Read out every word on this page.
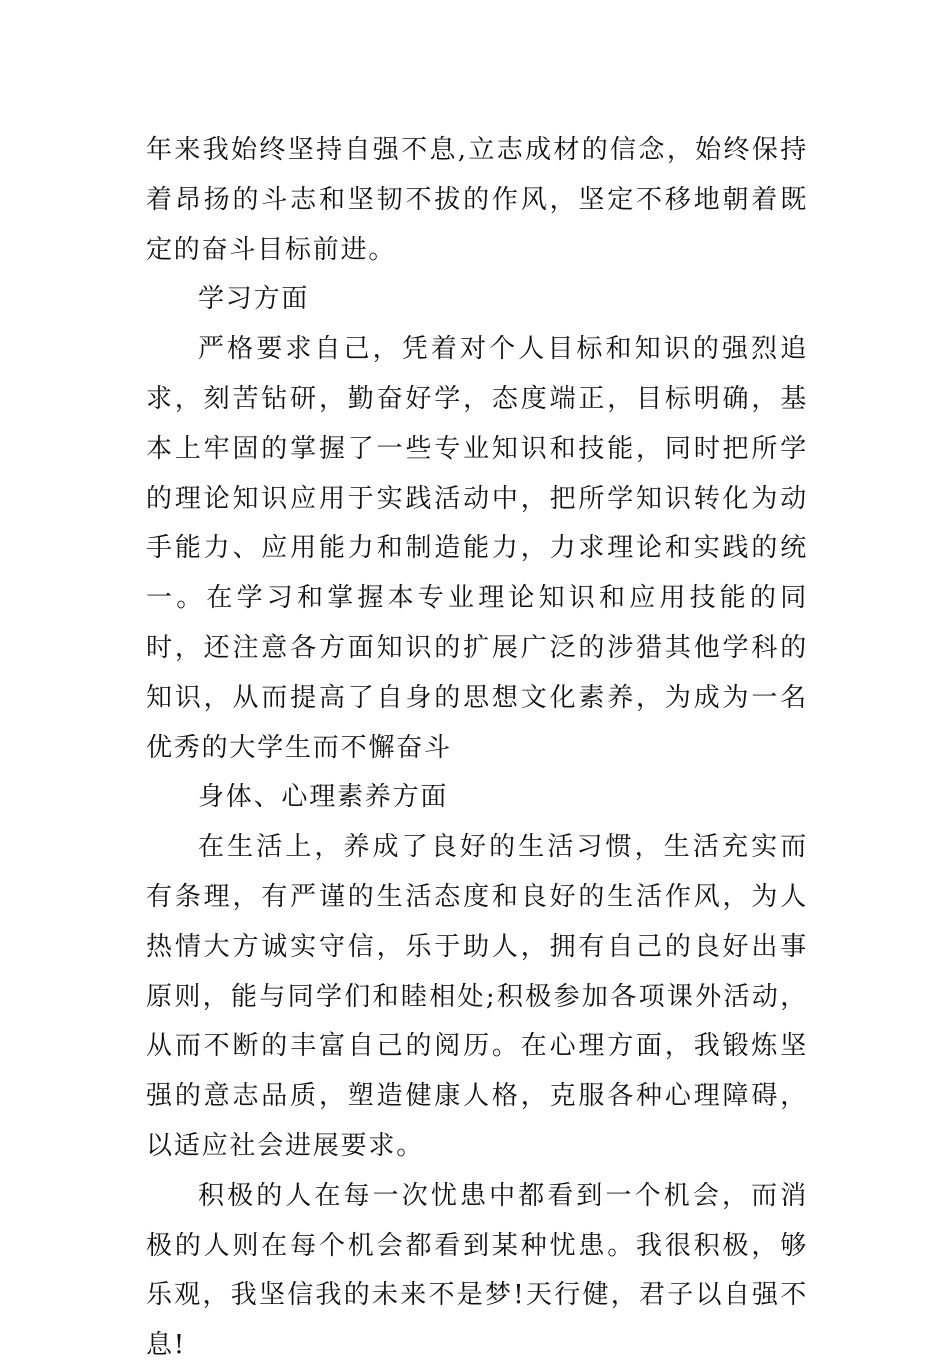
年来我始终坚持自强不息,立志成材的信念，始终保持着昂扬的斗志和坚韧不拔的作风，坚定不移地朝着既定的奋斗目标前进。

学习方面

严格要求自己，凭着对个人目标和知识的强烈追求，刻苦钻研，勤奋好学，态度端正，目标明确，基本上牢固的掌握了一些专业知识和技能，同时把所学的理论知识应用于实践活动中，把所学知识转化为动手能力、应用能力和制造能力，力求理论和实践的统一。在学习和掌握本专业理论知识和应用技能的同时，还注意各方面知识的扩展广泛的涉猎其他学科的知识，从而提高了自身的思想文化素养，为成为一名优秀的大学生而不懈奋斗

身体、心理素养方面

在生活上，养成了良好的生活习惯，生活充实而有条理，有严谨的生活态度和良好的生活作风，为人热情大方诚实守信，乐于助人，拥有自己的良好出事原则，能与同学们和睦相处;积极参加各项课外活动，从而不断的丰富自己的阅历。在心理方面，我锻炼坚强的意志品质，塑造健康人格，克服各种心理障碍，以适应社会进展要求。

积极的人在每一次忧患中都看到一个机会，而消极的人则在每个机会都看到某种忧患。我很积极，够乐观，我坚信我的未来不是梦!天行健，君子以自强不息!
